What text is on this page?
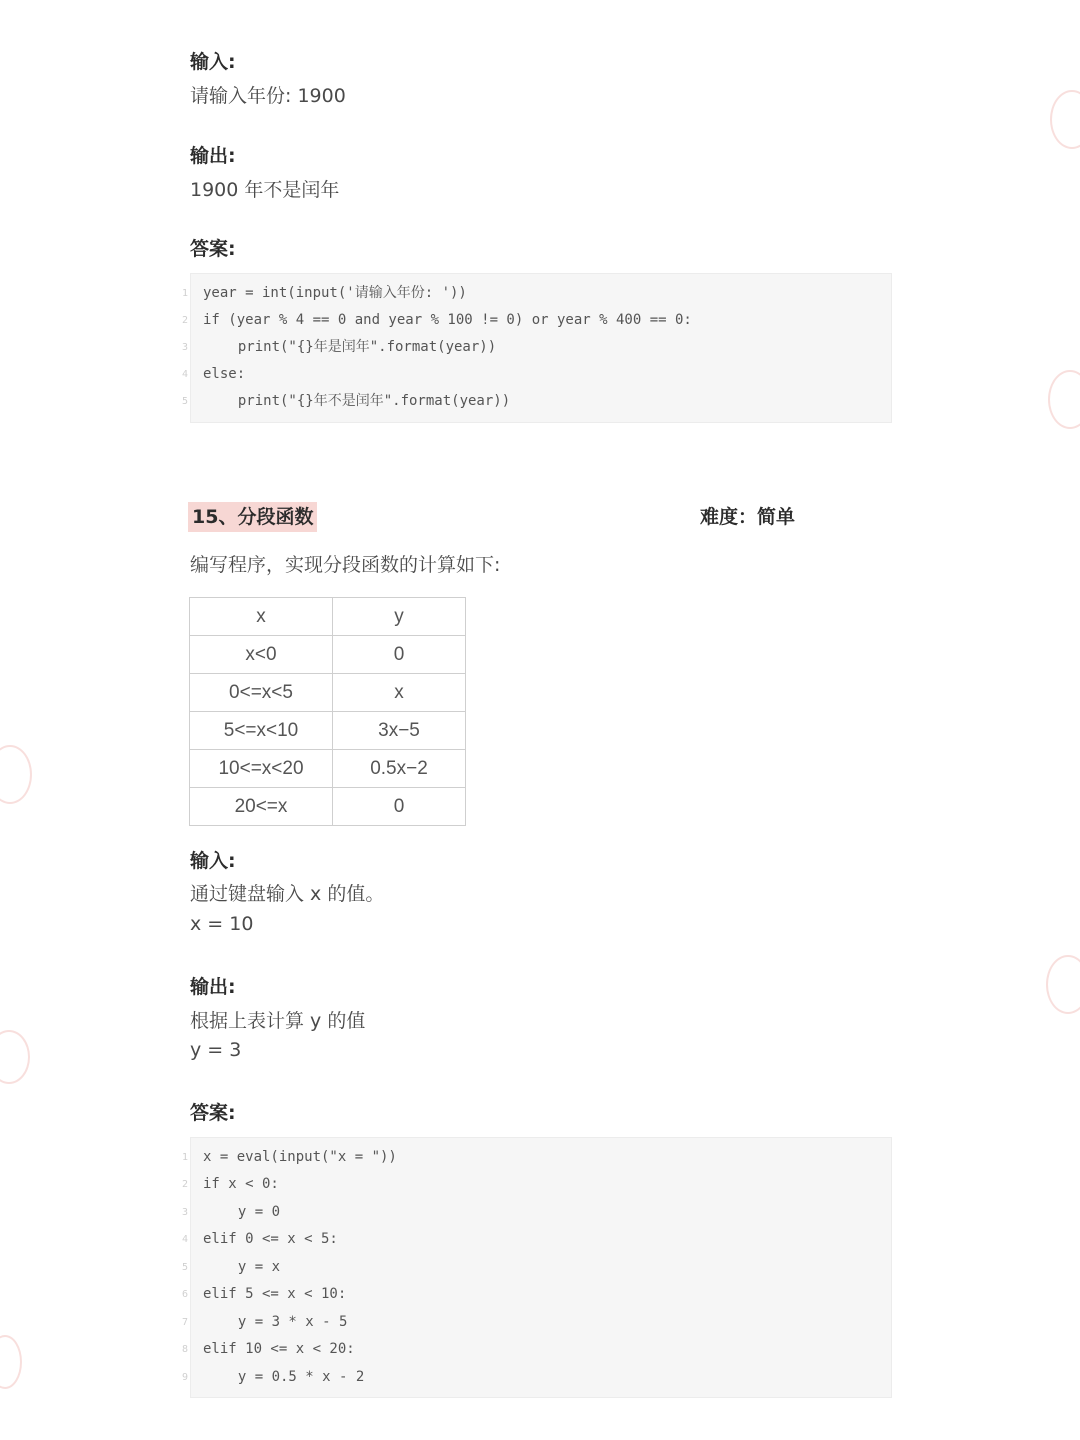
输入:
请输入年份: 1900
输出:
1900 年不是闰年
答案:
1 year = int(input('请输入年份: '))
2 if (year % 4 == 0 and year % 100 != 0) or year % 400 == 0:
3 print("{}年是闰年".format(year))
4 else:
5 print("{}年不是闰年".format(year))
15、分段函数	难度：简单
编写程序，实现分段函数的计算如下:
x	y
x<0	0
0<=x<5	x
5<=x<10	3x−5
10<=x<20	0.5x−2
20<=x	0
输入:
通过键盘输入 x 的值。
x = 10
输出:
根据上表计算 y 的值
y = 3
答案:
1 x = eval(input("x = "))
2 if x < 0:
3 y = 0
4 elif 0 <= x < 5:
5 y = x
6 elif 5 <= x < 10:
7 y = 3 * x - 5
8 elif 10 <= x < 20:
9 y = 0.5 * x - 2
